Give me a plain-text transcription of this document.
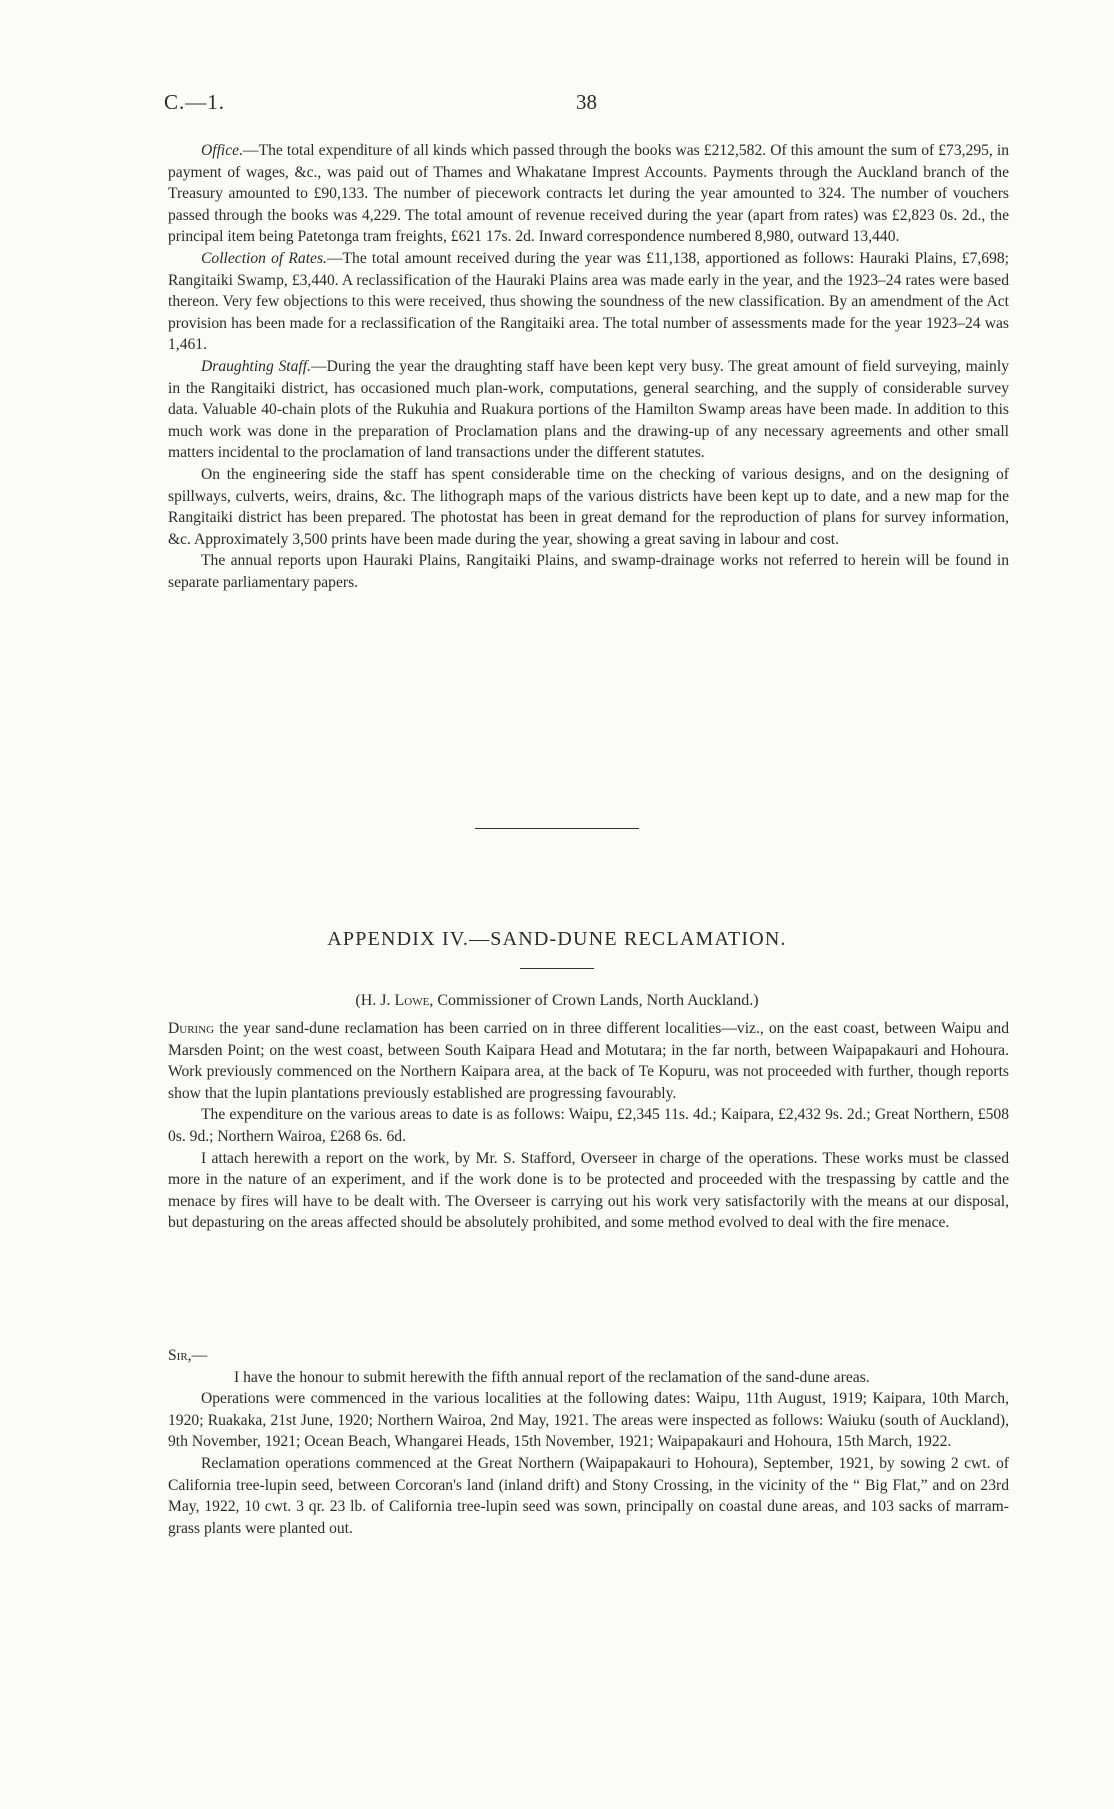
C.—1.	38

Office.—The total expenditure of all kinds which passed through the books was £212,582. Of this amount the sum of £73,295, in payment of wages, &c., was paid out of Thames and Whakatane Imprest Accounts. Payments through the Auckland branch of the Treasury amounted to £90,133. The number of piecework contracts let during the year amounted to 324. The number of vouchers passed through the books was 4,229. The total amount of revenue received during the year (apart from rates) was £2,823 0s. 2d., the principal item being Patetonga tram freights, £621 17s. 2d. Inward correspondence numbered 8,980, outward 13,440.

Collection of Rates.—The total amount received during the year was £11,138, apportioned as follows: Hauraki Plains, £7,698; Rangitaiki Swamp, £3,440. A reclassification of the Hauraki Plains area was made early in the year, and the 1923–24 rates were based thereon. Very few objections to this were received, thus showing the soundness of the new classification. By an amendment of the Act provision has been made for a reclassification of the Rangitaiki area. The total number of assessments made for the year 1923–24 was 1,461.

Draughting Staff.—During the year the draughting staff have been kept very busy. The great amount of field surveying, mainly in the Rangitaiki district, has occasioned much plan-work, computations, general searching, and the supply of considerable survey data. Valuable 40-chain plots of the Rukuhia and Ruakura portions of the Hamilton Swamp areas have been made. In addition to this much work was done in the preparation of Proclamation plans and the drawing-up of any necessary agreements and other small matters incidental to the proclamation of land transactions under the different statutes.

On the engineering side the staff has spent considerable time on the checking of various designs, and on the designing of spillways, culverts, weirs, drains, &c. The lithograph maps of the various districts have been kept up to date, and a new map for the Rangitaiki district has been prepared. The photostat has been in great demand for the reproduction of plans for survey information, &c. Approximately 3,500 prints have been made during the year, showing a great saving in labour and cost.

The annual reports upon Hauraki Plains, Rangitaiki Plains, and swamp-drainage works not referred to herein will be found in separate parliamentary papers.

APPENDIX IV.—SAND-DUNE RECLAMATION.
(H. J. Lowe, Commissioner of Crown Lands, North Auckland.)

During the year sand-dune reclamation has been carried on in three different localities—viz., on the east coast, between Waipu and Marsden Point; on the west coast, between South Kaipara Head and Motutara; in the far north, between Waipapakauri and Hohoura. Work previously commenced on the Northern Kaipara area, at the back of Te Kopuru, was not proceeded with further, though reports show that the lupin plantations previously established are progressing favourably.

The expenditure on the various areas to date is as follows: Waipu, £2,345 11s. 4d.; Kaipara, £2,432 9s. 2d.; Great Northern, £508 0s. 9d.; Northern Wairoa, £268 6s. 6d.

I attach herewith a report on the work, by Mr. S. Stafford, Overseer in charge of the operations. These works must be classed more in the nature of an experiment, and if the work done is to be protected and proceeded with the trespassing by cattle and the menace by fires will have to be dealt with. The Overseer is carrying out his work very satisfactorily with the means at our disposal, but depasturing on the areas affected should be absolutely prohibited, and some method evolved to deal with the fire menace.

Sir,—

I have the honour to submit herewith the fifth annual report of the reclamation of the sand-dune areas.

Operations were commenced in the various localities at the following dates: Waipu, 11th August, 1919; Kaipara, 10th March, 1920; Ruakaka, 21st June, 1920; Northern Wairoa, 2nd May, 1921. The areas were inspected as follows: Waiuku (south of Auckland), 9th November, 1921; Ocean Beach, Whangarei Heads, 15th November, 1921; Waipapakauri and Hohoura, 15th March, 1922.

Reclamation operations commenced at the Great Northern (Waipapakauri to Hohoura), September, 1921, by sowing 2 cwt. of California tree-lupin seed, between Corcoran's land (inland drift) and Stony Crossing, in the vicinity of the “ Big Flat,” and on 23rd May, 1922, 10 cwt. 3 qr. 23 lb. of California tree-lupin seed was sown, principally on coastal dune areas, and 103 sacks of marram-grass plants were planted out.
